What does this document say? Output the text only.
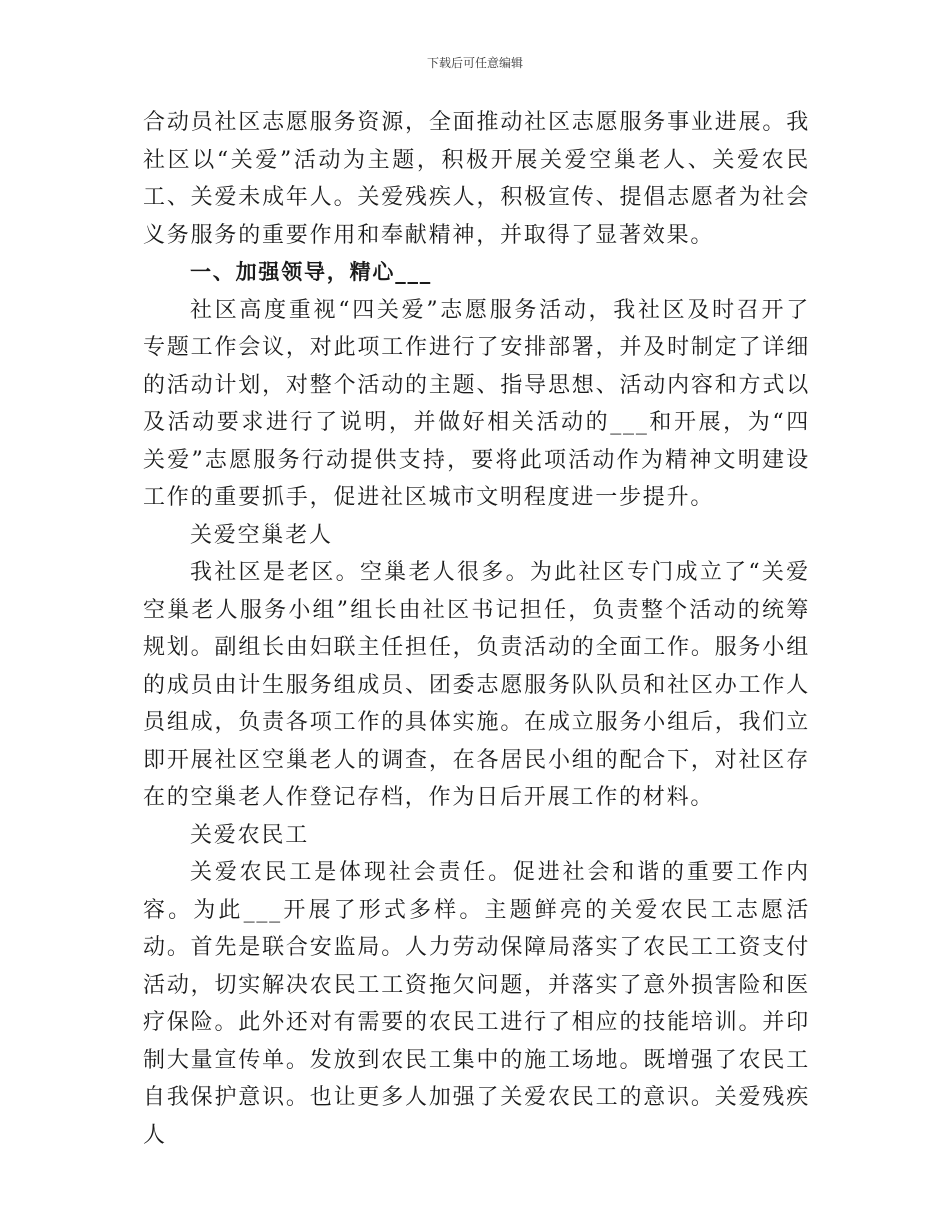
下载后可任意编辑

合动员社区志愿服务资源，全面推动社区志愿服务事业进展。我社区以“关爱”活动为主题，积极开展关爱空巢老人、关爱农民工、关爱未成年人。关爱残疾人，积极宣传、提倡志愿者为社会义务服务的重要作用和奉献精神，并取得了显著效果。

一、加强领导，精心___

社区高度重视“四关爱”志愿服务活动，我社区及时召开了专题工作会议，对此项工作进行了安排部署，并及时制定了详细的活动计划，对整个活动的主题、指导思想、活动内容和方式以及活动要求进行了说明，并做好相关活动的___和开展，为“四关爱”志愿服务行动提供支持，要将此项活动作为精神文明建设工作的重要抓手，促进社区城市文明程度进一步提升。

关爱空巢老人

我社区是老区。空巢老人很多。为此社区专门成立了“关爱空巢老人服务小组”组长由社区书记担任，负责整个活动的统筹规划。副组长由妇联主任担任，负责活动的全面工作。服务小组的成员由计生服务组成员、团委志愿服务队队员和社区办工作人员组成，负责各项工作的具体实施。在成立服务小组后，我们立即开展社区空巢老人的调查，在各居民小组的配合下，对社区存在的空巢老人作登记存档，作为日后开展工作的材料。

关爱农民工

关爱农民工是体现社会责任。促进社会和谐的重要工作内容。为此___开展了形式多样。主题鲜亮的关爱农民工志愿活动。首先是联合安监局。人力劳动保障局落实了农民工工资支付活动，切实解决农民工工资拖欠问题，并落实了意外损害险和医疗保险。此外还对有需要的农民工进行了相应的技能培训。并印制大量宣传单。发放到农民工集中的施工场地。既增强了农民工自我保护意识。也让更多人加强了关爱农民工的意识。关爱残疾人
